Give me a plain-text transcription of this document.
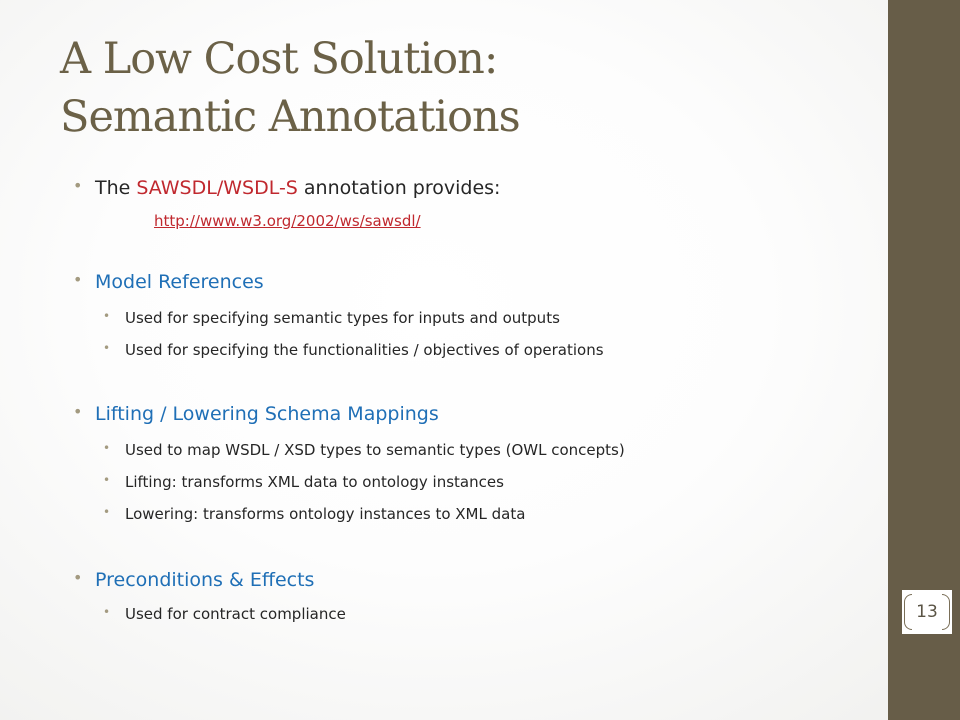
13
A Low Cost Solution:
Semantic Annotations
• The SAWSDL/WSDL-S annotation provides:
http://www.w3.org/2002/ws/sawsdl/
• Model References
• Used for specifying semantic types for inputs and outputs
• Used for specifying the functionalities / objectives of operations
• Lifting / Lowering Schema Mappings
• Used to map WSDL / XSD types to semantic types (OWL concepts)
• Lifting: transforms XML data to ontology instances
• Lowering: transforms ontology instances to XML data
• Preconditions & Effects
• Used for contract compliance
